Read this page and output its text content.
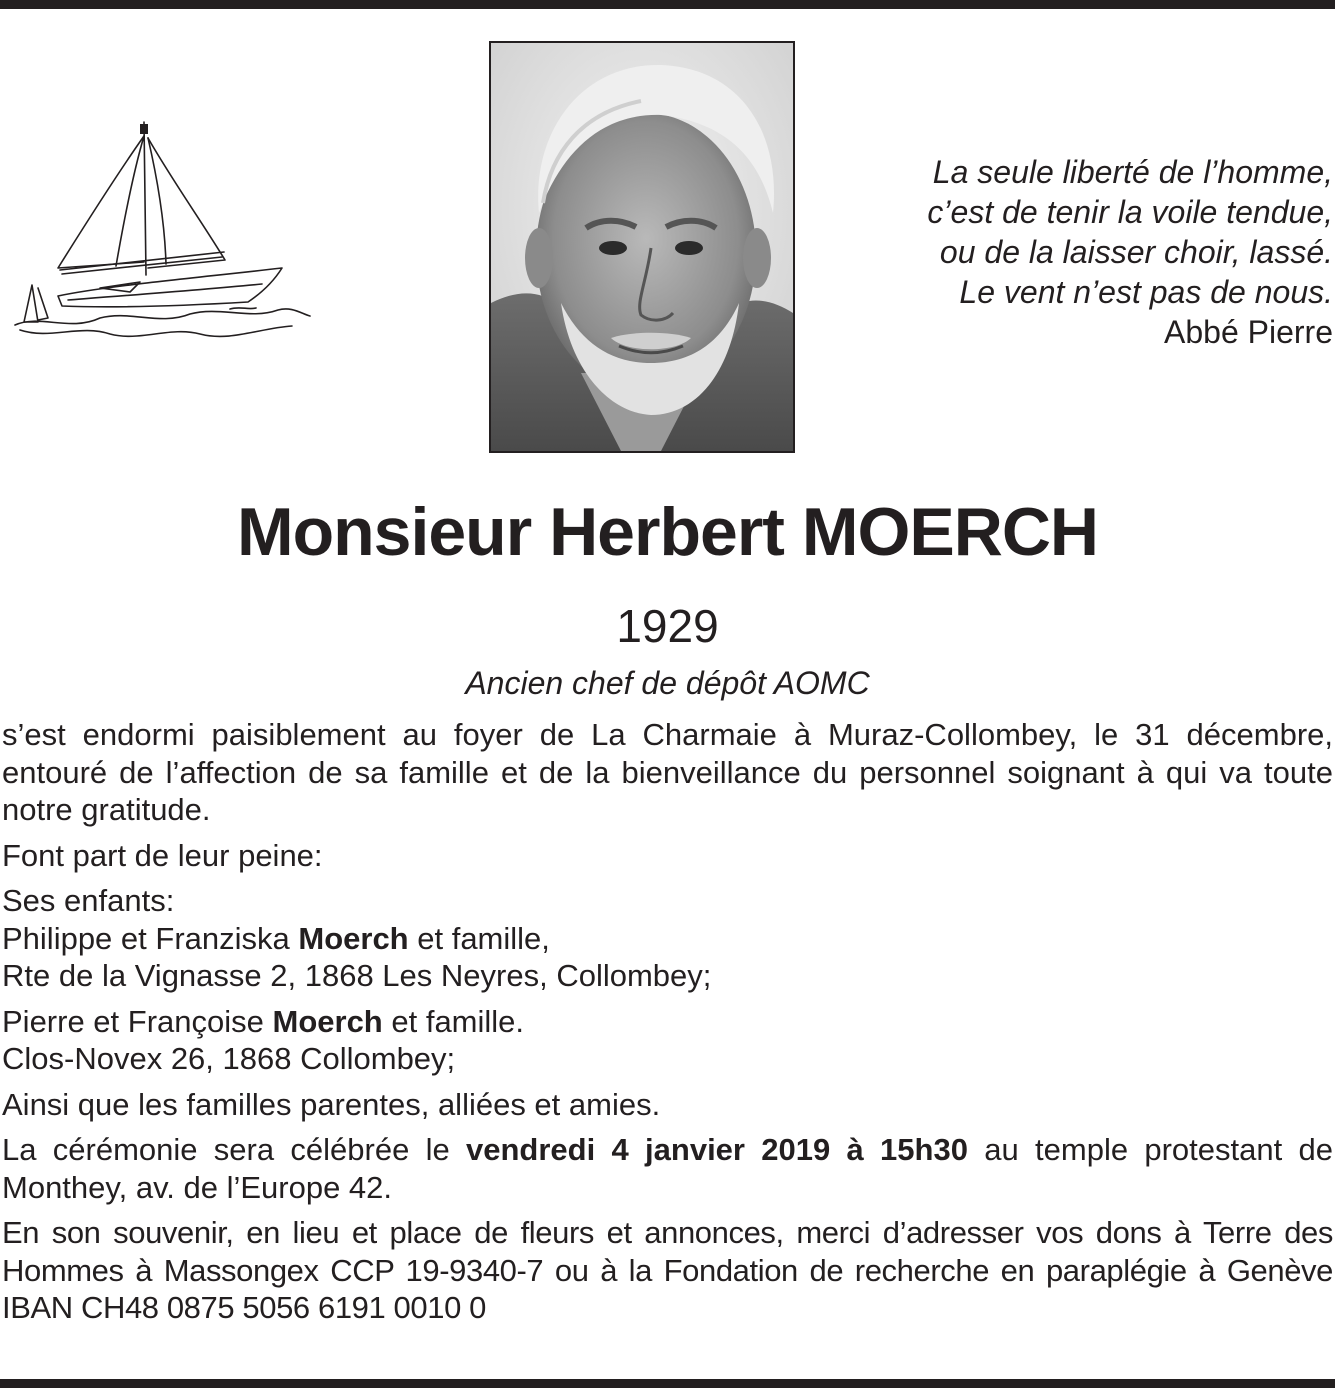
La seule liberté de l’homme,
c’est de tenir la voile tendue,
ou de la laisser choir, lassé.
Le vent n’est pas de nous.
Abbé Pierre
Monsieur Herbert MOERCH
1929
Ancien chef de dépôt AOMC

s’est endormi paisiblement au foyer de La Charmaie à Muraz-Collombey, le 31 décembre, entouré de l’affection de sa famille et de la bienveillance du personnel soignant à qui va toute notre gratitude.

Font part de leur peine:

Ses enfants:
Philippe et Franziska Moerch et famille,
Rte de la Vignasse 2, 1868 Les Neyres, Collombey;

Pierre et Françoise Moerch et famille.
Clos-Novex 26, 1868 Collombey;

Ainsi que les familles parentes, alliées et amies.

La cérémonie sera célébrée le vendredi 4 janvier 2019 à 15h30 au temple protestant de Monthey, av. de l’Europe 42.

En son souvenir, en lieu et place de fleurs et annonces, merci d’adresser vos dons à Terre des Hommes à Massongex CCP 19-9340-7 ou à la Fondation de recherche en paraplégie à Genève IBAN CH48 0875 5056 6191 0010 0
